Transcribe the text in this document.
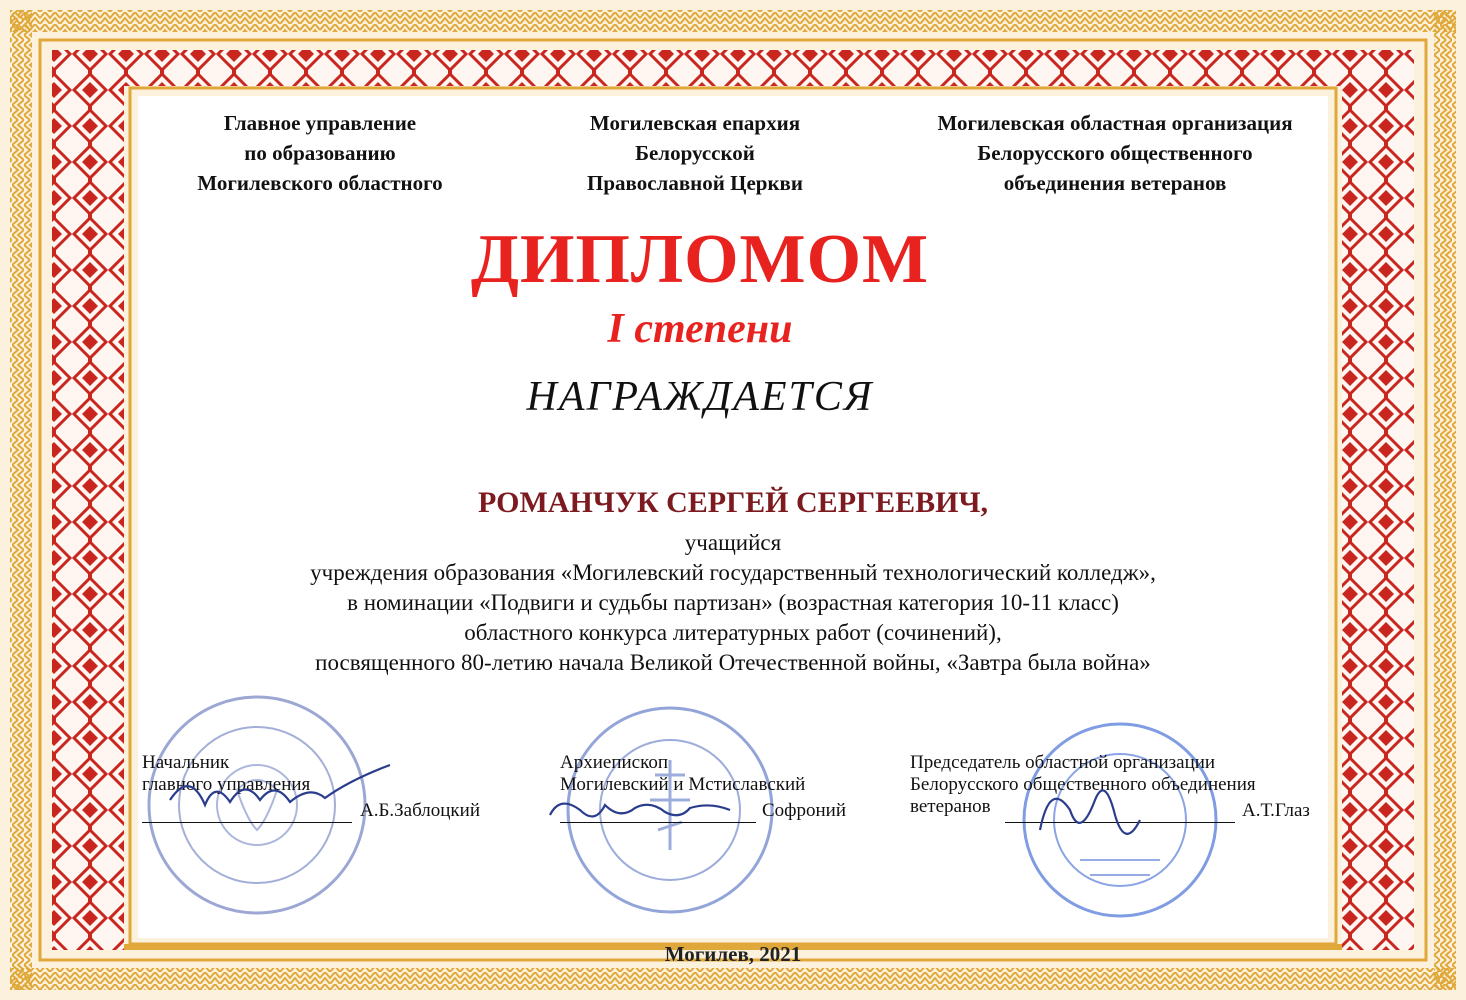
Главное управление
по образованию
Могилевского областного
Могилевская епархия
Белорусской
Православной Церкви
Могилевская областная организация
Белорусского общественного
объединения ветеранов
ДИПЛОМОМ
I степени
НАГРАЖДАЕТСЯ
РОМАНЧУК СЕРГЕЙ СЕРГЕЕВИЧ,
учащийся
учреждения образования «Могилевский государственный технологический колледж»,
в номинации «Подвиги и судьбы партизан» (возрастная категория 10-11 класс)
областного конкурса литературных работ (сочинений),
посвященного 80-летию начала Великой Отечественной войны, «Завтра была война»
Начальник
главного управления
А.Б.Заблоцкий
Архиепископ
Могилевский и Мстиславский
Софроний
Председатель областной организации
Белорусского общественного объединения
ветеранов	А.Т.Глаз
Могилев, 2021
